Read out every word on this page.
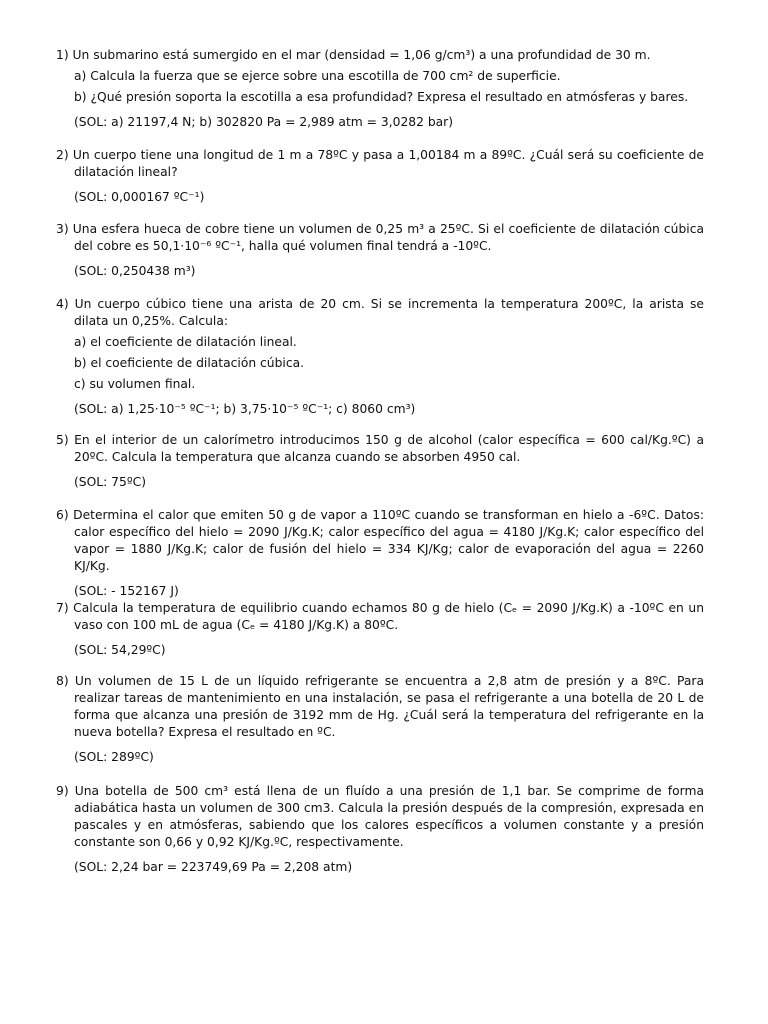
1) Un submarino está sumergido en el mar (densidad = 1,06 g/cm³) a una profundidad de 30 m.

a) Calcula la fuerza que se ejerce sobre una escotilla de 700 cm² de superficie.

b) ¿Qué presión soporta la escotilla a esa profundidad? Expresa el resultado en atmósferas y bares.

(SOL: a) 21197,4 N; b) 302820 Pa = 2,989 atm = 3,0282 bar)

2) Un cuerpo tiene una longitud de 1 m a 78ºC y pasa a 1,00184 m a 89ºC. ¿Cuál será su coeficiente de dilatación lineal?

(SOL: 0,000167 ºC⁻¹)

3) Una esfera hueca de cobre tiene un volumen de 0,25 m³ a 25ºC. Si el coeficiente de dilatación cúbica del cobre es 50,1·10⁻⁶ ºC⁻¹, halla qué volumen final tendrá a -10ºC.

(SOL: 0,250438 m³)

4) Un cuerpo cúbico tiene una arista de 20 cm. Si se incrementa la temperatura 200ºC, la arista se dilata un 0,25%. Calcula:

a) el coeficiente de dilatación lineal.

b) el coeficiente de dilatación cúbica.

c) su volumen final.

(SOL: a) 1,25·10⁻⁵ ºC⁻¹; b) 3,75·10⁻⁵ ºC⁻¹; c) 8060 cm³)

5) En el interior de un calorímetro introducimos 150 g de alcohol (calor específica = 600 cal/Kg.ºC) a 20ºC. Calcula la temperatura que alcanza cuando se absorben 4950 cal.

(SOL: 75ºC)

6) Determina el calor que emiten 50 g de vapor a 110ºC cuando se transforman en hielo a -6ºC. Datos: calor específico del hielo = 2090 J/Kg.K; calor específico del agua = 4180 J/Kg.K; calor específico del vapor = 1880 J/Kg.K; calor de fusión del hielo = 334 KJ/Kg; calor de evaporación del agua = 2260 KJ/Kg.

(SOL: - 152167 J)

7) Calcula la temperatura de equilibrio cuando echamos 80 g de hielo (Cₑ = 2090 J/Kg.K) a -10ºC en un vaso con 100 mL de agua (Cₑ = 4180 J/Kg.K) a 80ºC.

(SOL: 54,29ºC)

8) Un volumen de 15 L de un líquido refrigerante se encuentra a 2,8 atm de presión y a 8ºC. Para realizar tareas de mantenimiento en una instalación, se pasa el refrigerante a una botella de 20 L de forma que alcanza una presión de 3192 mm de Hg. ¿Cuál será la temperatura del refrigerante en la nueva botella? Expresa el resultado en ºC.

(SOL: 289ºC)

9) Una botella de 500 cm³ está llena de un fluído a una presión de 1,1 bar. Se comprime de forma adiabática hasta un volumen de 300 cm3. Calcula la presión después de la compresión, expresada en pascales y en atmósferas, sabiendo que los calores específicos a volumen constante y a presión constante son 0,66 y 0,92 KJ/Kg.ºC, respectivamente.

(SOL: 2,24 bar = 223749,69 Pa = 2,208 atm)
